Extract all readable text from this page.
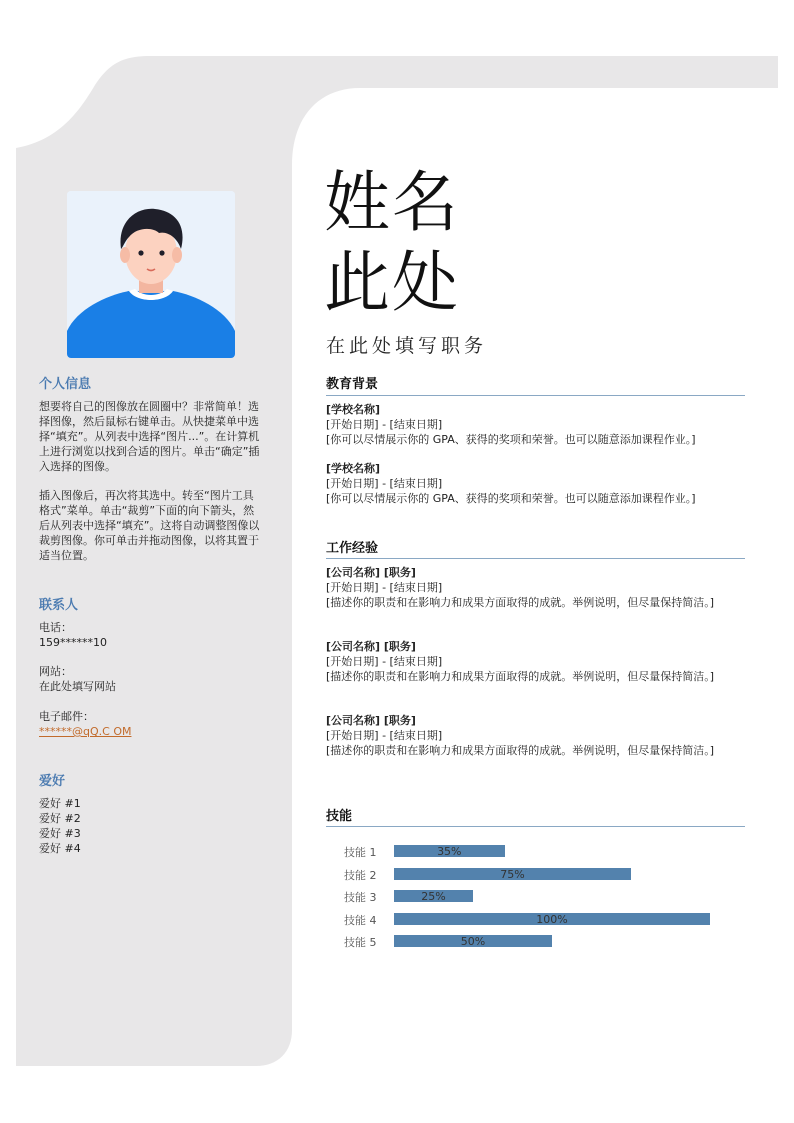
个人信息
想要将自己的图像放在圆圈中？非常简单！选择图像，然后鼠标右键单击。从快捷菜单中选择“填充”。从列表中选择“图片...”。在计算机上进行浏览以找到合适的图片。单击“确定”插入选择的图像。
插入图像后，再次将其选中。转至“图片工具格式”菜单。单击“裁剪”下面的向下箭头，然后从列表中选择“填充”。这将自动调整图像以裁剪图像。你可单击并拖动图像，以将其置于适当位置。
联系人
电话：
159******10
网站：
在此处填写网站
电子邮件：
******@qQ.C OM
爱好
爱好 #1
爱好 #2
爱好 #3
爱好 #4
姓名
此处
在此处填写职务
教育背景
[学校名称]
[开始日期] - [结束日期]
[你可以尽情展示你的 GPA、获得的奖项和荣誉。也可以随意添加课程作业。]
[学校名称]
[开始日期] - [结束日期]
[你可以尽情展示你的 GPA、获得的奖项和荣誉。也可以随意添加课程作业。]
工作经验
[公司名称] [职务]
[开始日期] - [结束日期]
[描述你的职责和在影响力和成果方面取得的成就。举例说明，但尽量保持简洁。]
[公司名称] [职务]
[开始日期] - [结束日期]
[描述你的职责和在影响力和成果方面取得的成就。举例说明，但尽量保持简洁。]
[公司名称] [职务]
[开始日期] - [结束日期]
[描述你的职责和在影响力和成果方面取得的成就。举例说明，但尽量保持简洁。]
技能
技能 1	35%
技能 2	75%
技能 3	25%
技能 4	100%
技能 5	50%
